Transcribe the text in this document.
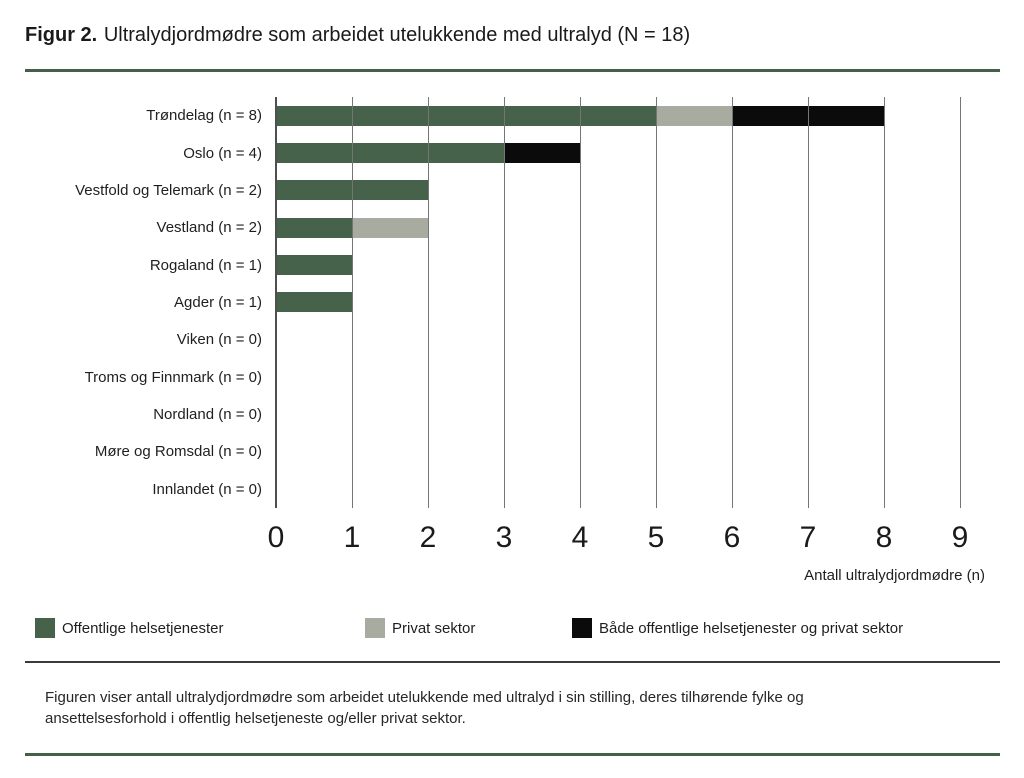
Figur 2. Ultralydjordmødre som arbeidet utelukkende med ultralyd (N = 18)
Trøndelag (n = 8)
Oslo (n = 4)
Vestfold og Telemark (n = 2)
Vestland (n = 2)
Rogaland (n = 1)
Agder (n = 1)
Viken (n = 0)
Troms og Finnmark (n = 0)
Nordland (n = 0)
Møre og Romsdal (n = 0)
Innlandet (n = 0)
0 1 2 3 4 5 6 7 8 9
Antall ultralydjordmødre (n)
Offentlige helsetjenester	Privat sektor	Både offentlige helsetjenester og privat sektor
Figuren viser antall ultralydjordmødre som arbeidet utelukkende med ultralyd i sin stilling, deres tilhørende fylke og
ansettelsesforhold i offentlig helsetjeneste og/eller privat sektor.
